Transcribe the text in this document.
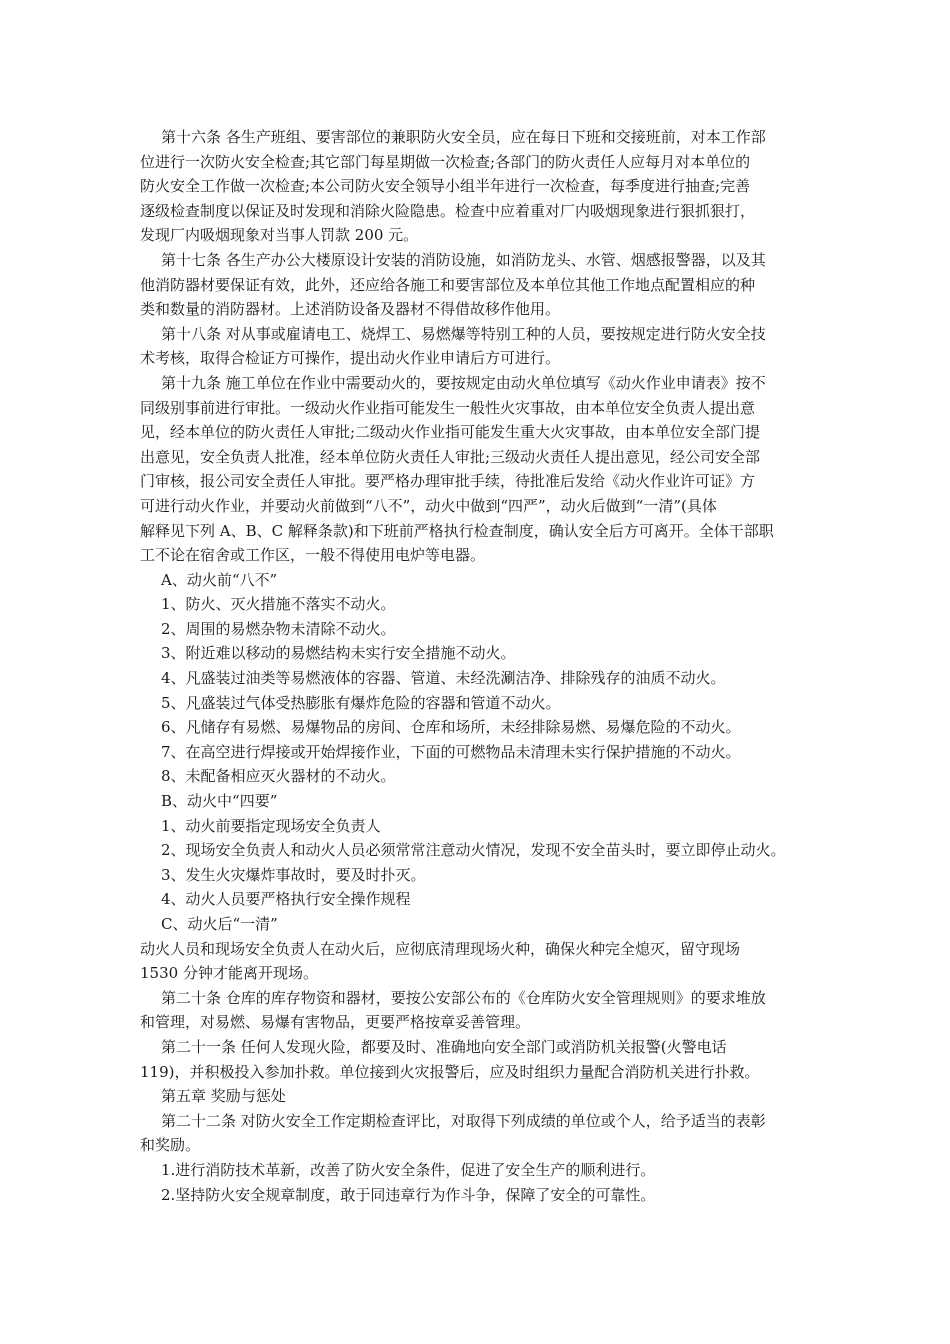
第十六条 各生产班组、要害部位的兼职防火安全员，应在每日下班和交接班前，对本工作部
位进行一次防火安全检查;其它部门每星期做一次检查;各部门的防火责任人应每月对本单位的
防火安全工作做一次检查;本公司防火安全领导小组半年进行一次检查，每季度进行抽查;完善
逐级检查制度以保证及时发现和消除火险隐患。检查中应着重对厂内吸烟现象进行狠抓狠打，
发现厂内吸烟现象对当事人罚款 200 元。
第十七条 各生产办公大楼原设计安装的消防设施，如消防龙头、水管、烟感报警器，以及其
他消防器材要保证有效，此外，还应给各施工和要害部位及本单位其他工作地点配置相应的种
类和数量的消防器材。上述消防设备及器材不得借故移作他用。
第十八条 对从事或雇请电工、烧焊工、易燃爆等特别工种的人员，要按规定进行防火安全技
术考核，取得合检证方可操作，提出动火作业申请后方可进行。
第十九条 施工单位在作业中需要动火的，要按规定由动火单位填写《动火作业申请表》按不
同级别事前进行审批。一级动火作业指可能发生一般性火灾事故，由本单位安全负责人提出意
见，经本单位的防火责任人审批;二级动火作业指可能发生重大火灾事故，由本单位安全部门提
出意见，安全负责人批准，经本单位防火责任人审批;三级动火责任人提出意见，经公司安全部
门审核，报公司安全责任人审批。要严格办理审批手续，待批准后发给《动火作业许可证》方
可进行动火作业，并要动火前做到“八不”，动火中做到“四严”，动火后做到“一清”(具体
解释见下列 A、B、C 解释条款)和下班前严格执行检查制度，确认安全后方可离开。全体干部职
工不论在宿舍或工作区，一般不得使用电炉等电器。
A、动火前“八不”
1、防火、灭火措施不落实不动火。
2、周围的易燃杂物未清除不动火。
3、附近难以移动的易燃结构未实行安全措施不动火。
4、凡盛装过油类等易燃液体的容器、管道、未经洗涮洁净、排除残存的油质不动火。
5、凡盛装过气体受热膨胀有爆炸危险的容器和管道不动火。
6、凡储存有易燃、易爆物品的房间、仓库和场所，未经排除易燃、易爆危险的不动火。
7、在高空进行焊接或开始焊接作业，下面的可燃物品未清理未实行保护措施的不动火。
8、未配备相应灭火器材的不动火。
B、动火中“四要”
1、动火前要指定现场安全负责人
2、现场安全负责人和动火人员必须常常注意动火情况，发现不安全苗头时，要立即停止动火。
3、发生火灾爆炸事故时，要及时扑灭。
4、动火人员要严格执行安全操作规程
C、动火后“一清”
动火人员和现场安全负责人在动火后，应彻底清理现场火种，确保火种完全熄灭，留守现场
1530 分钟才能离开现场。
第二十条 仓库的库存物资和器材，要按公安部公布的《仓库防火安全管理规则》的要求堆放
和管理，对易燃、易爆有害物品，更要严格按章妥善管理。
第二十一条 任何人发现火险，都要及时、准确地向安全部门或消防机关报警(火警电话
119)，并积极投入参加扑救。单位接到火灾报警后，应及时组织力量配合消防机关进行扑救。
第五章 奖励与惩处
第二十二条 对防火安全工作定期检查评比，对取得下列成绩的单位或个人，给予适当的表彰
和奖励。
1.进行消防技术革新，改善了防火安全条件，促进了安全生产的顺利进行。
2.坚持防火安全规章制度，敢于同违章行为作斗争，保障了安全的可靠性。
